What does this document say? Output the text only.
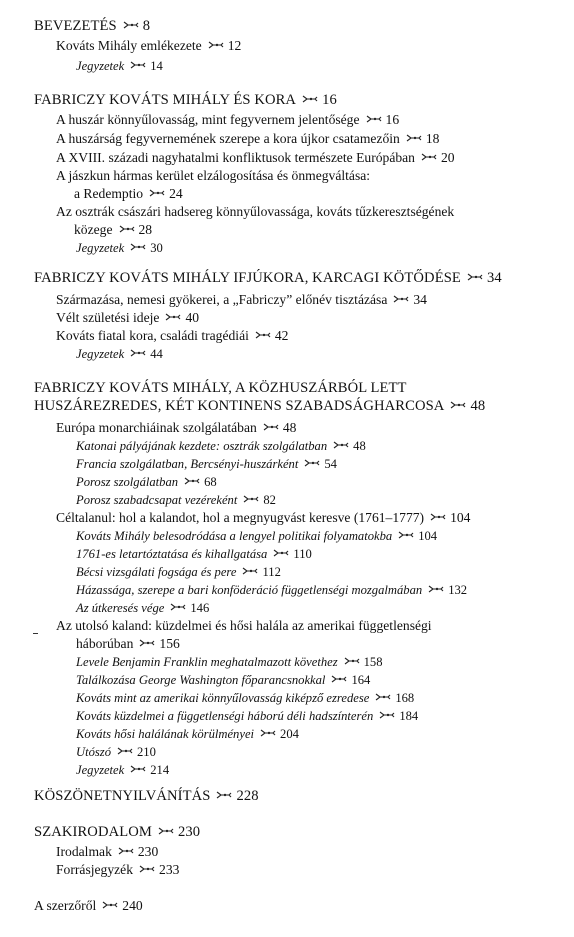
BEVEZETÉS 8
Kováts Mihály emlékezete 12
Jegyzetek 14
FABRICZY KOVÁTS MIHÁLY ÉS KORA 16
A huszár könnyűlovasság, mint fegyvernem jelentősége 16
A huszárság fegyvernemének szerepe a kora újkor csatamezőin 18
A XVIII. századi nagyhatalmi konfliktusok természete Európában 20
A jászkun hármas kerület elzálogosítása és önmegváltása:
a Redemptio 24
Az osztrák császári hadsereg könnyűlovassága, kováts tűzkeresztségének
közege 28
Jegyzetek 30
FABRICZY KOVÁTS MIHÁLY IFJÚKORA, KARCAGI KÖTŐDÉSE 34
Származása, nemesi gyökerei, a „Fabriczy” előnév tisztázása 34
Vélt születési ideje 40
Kováts fiatal kora, családi tragédiái 42
Jegyzetek 44
FABRICZY KOVÁTS MIHÁLY, A KÖZHUSZÁRBÓL LETT
HUSZÁREZREDES, KÉT KONTINENS SZABADSÁGHARCOSA 48
Európa monarchiáinak szolgálatában 48
Katonai pályájának kezdete: osztrák szolgálatban 48
Francia szolgálatban, Bercsényi-huszárként 54
Porosz szolgálatban 68
Porosz szabadcsapat vezéreként 82
Céltalanul: hol a kalandot, hol a megnyugvást keresve (1761–1777) 104
Kováts Mihály belesodródása a lengyel politikai folyamatokba 104
1761-es letartóztatása és kihallgatása 110
Bécsi vizsgálati fogsága és pere 112
Házassága, szerepe a bari konföderáció függetlenségi mozgalmában 132
Az útkeresés vége 146
Az utolsó kaland: küzdelmei és hősi halála az amerikai függetlenségi
háborúban 156
Levele Benjamin Franklin meghatalmazott követhez 158
Találkozása George Washington főparancsnokkal 164
Kováts mint az amerikai könnyűlovasság kiképző ezredese 168
Kováts küzdelmei a függetlenségi háború déli hadszínterén 184
Kováts hősi halálának körülményei 204
Utószó 210
Jegyzetek 214
KÖSZÖNETNYILVÁNÍTÁS 228
SZAKIRODALOM 230
Irodalmak 230
Forrásjegyzék 233
A szerzőről 240
